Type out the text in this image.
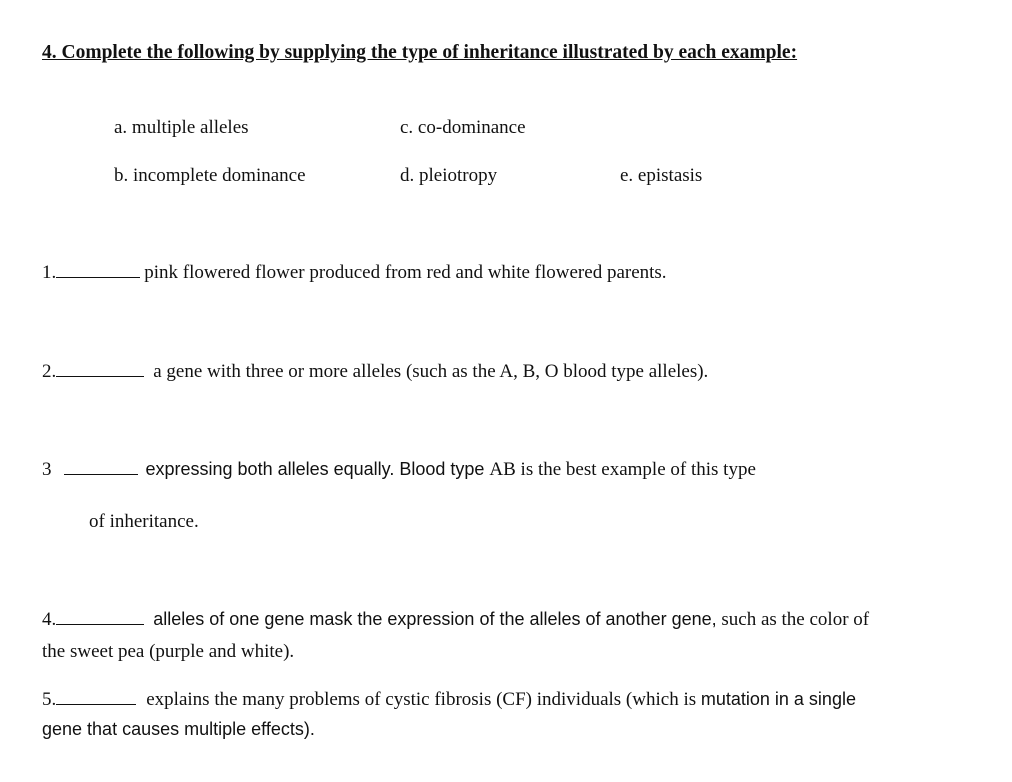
4. Complete the following by supplying the type of inheritance illustrated by each example:
a. multiple alleles	c. co-dominance
b. incomplete dominance	d. pleiotropy	e. epistasis
1.	pink flowered flower produced from red and white flowered parents.
2.	a gene with three or more alleles (such as the A, B, O blood type alleles).
3	expressing both alleles equally. Blood type AB is the best example of this type
of inheritance.
4.	alleles of one gene mask the expression of the alleles of another gene, such as the color of
the sweet pea (purple and white).
5.	explains the many problems of cystic fibrosis (CF) individuals (which is mutation in a single
gene that causes multiple effects).
